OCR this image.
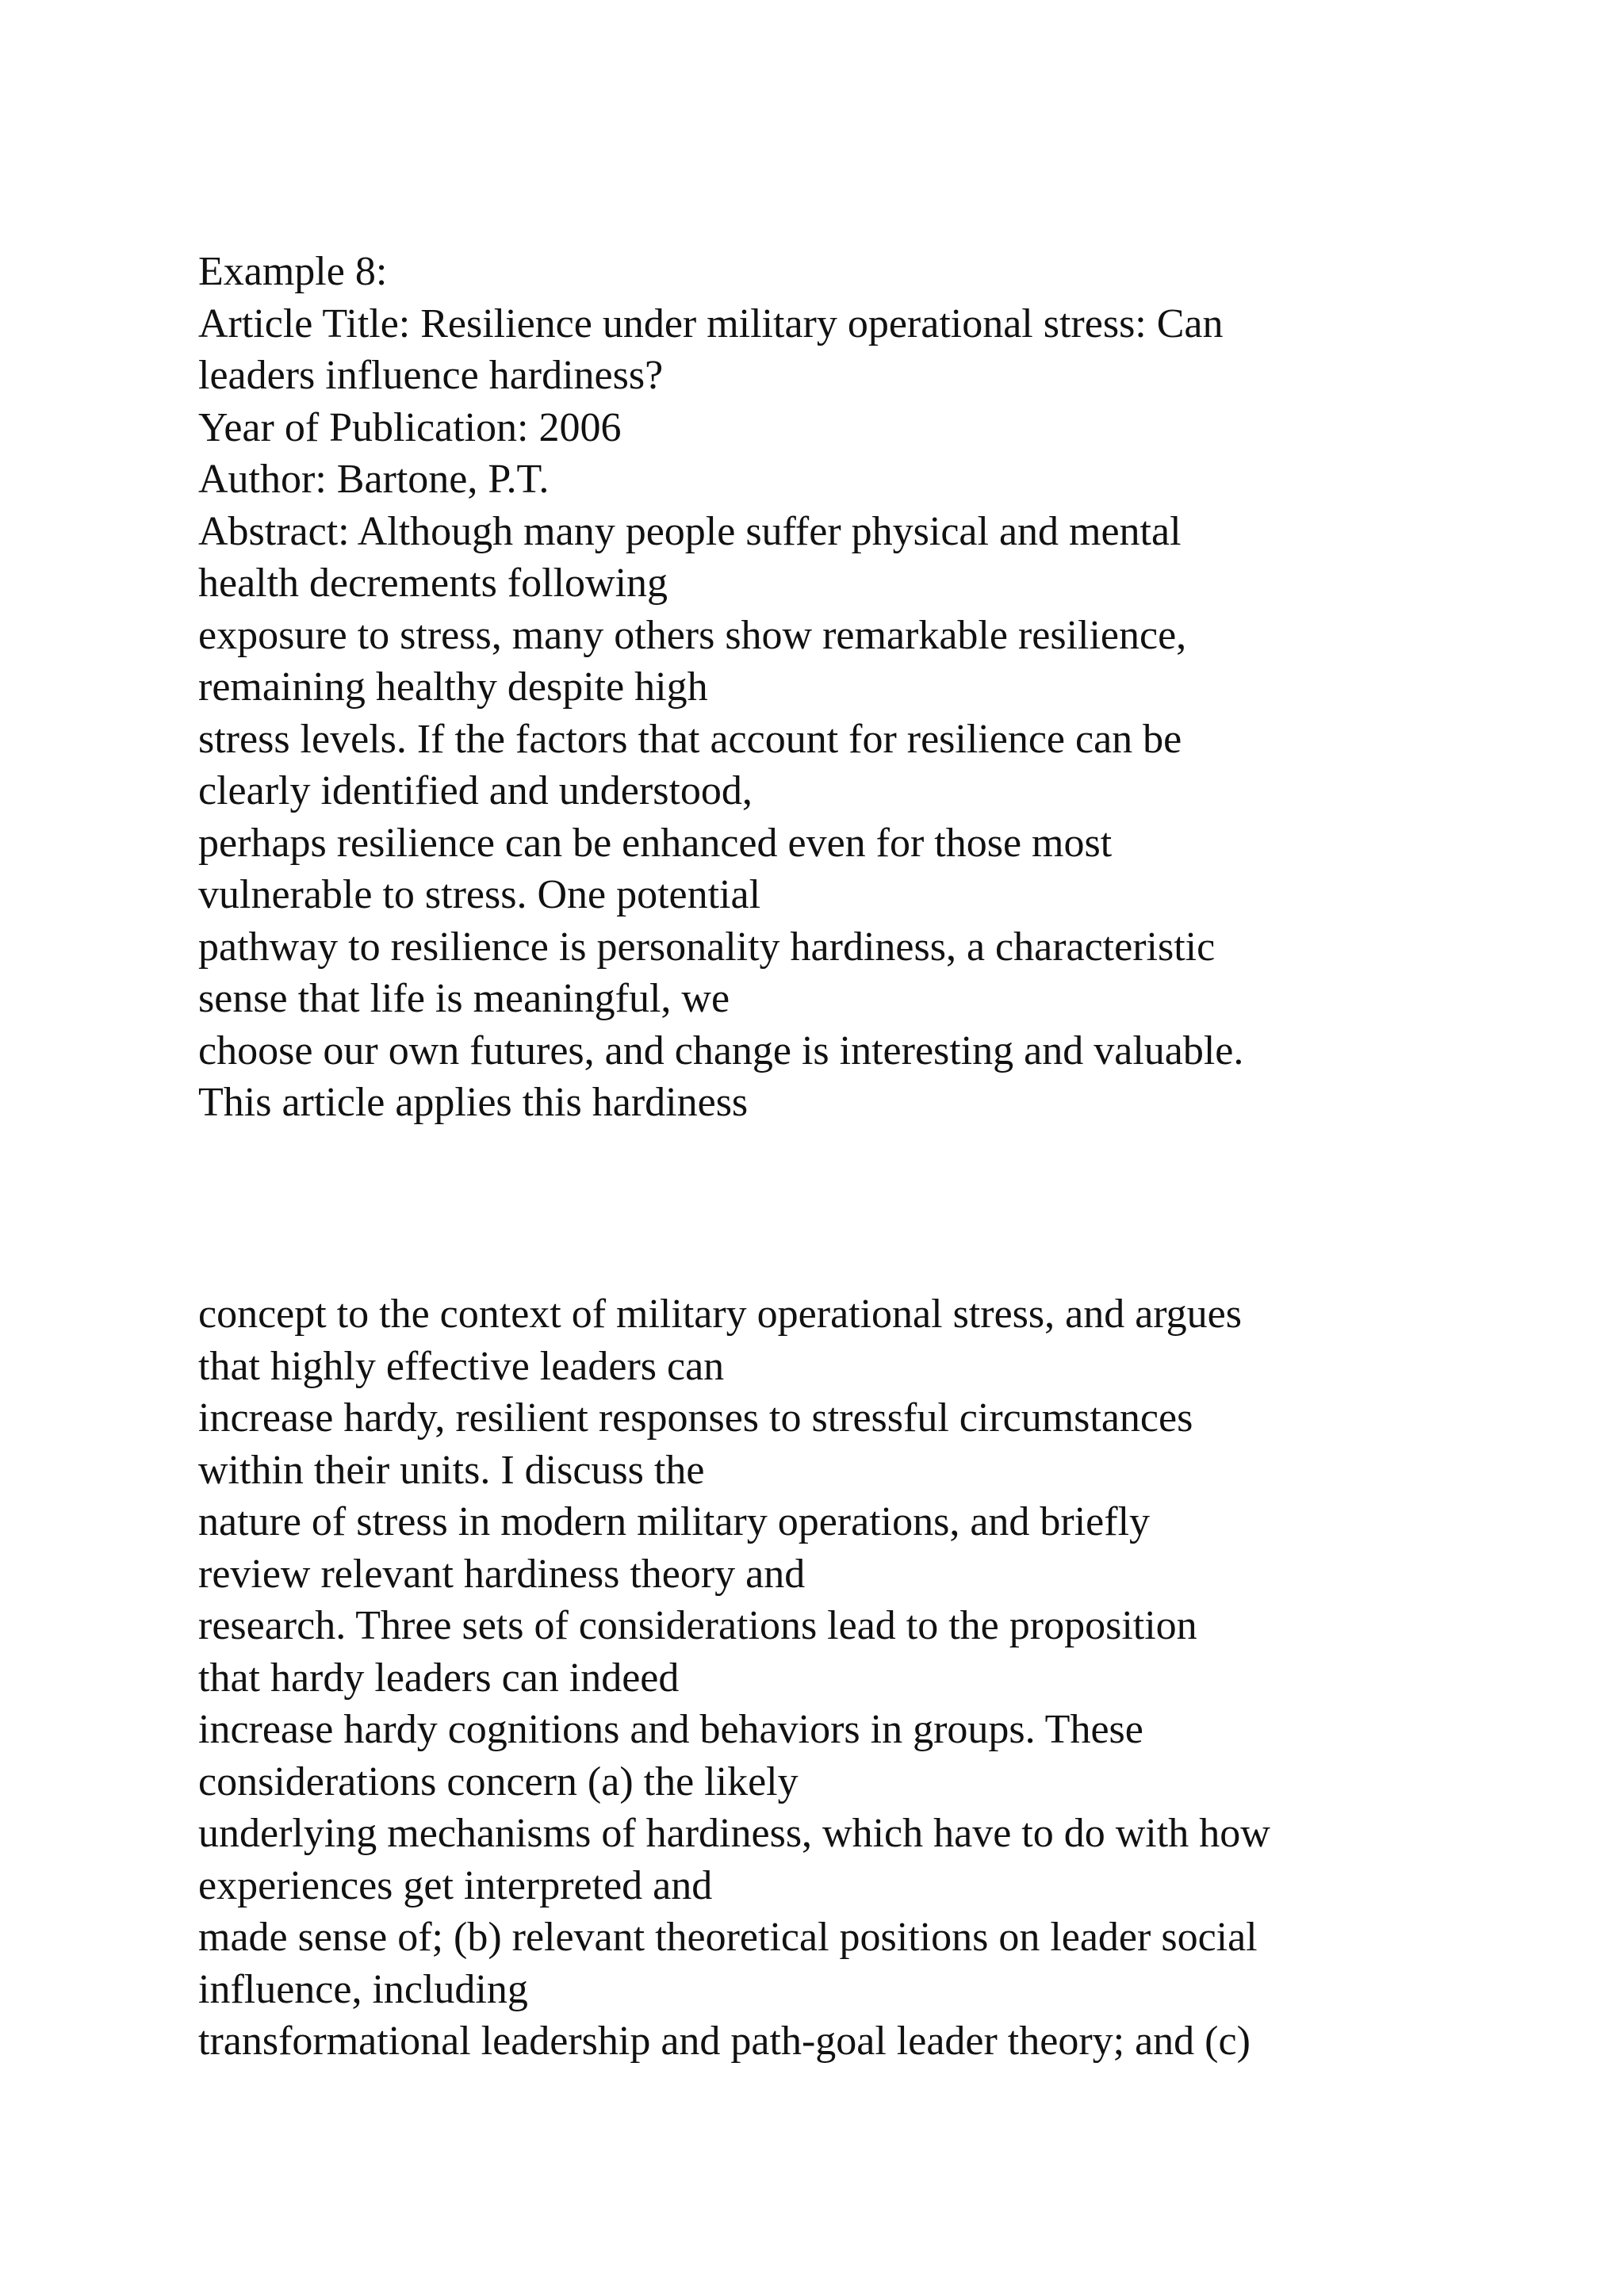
Example 8:

Article Title: Resilience under military operational stress: Can

leaders influence hardiness?

Year of Publication: 2006

Author: Bartone, P.T.

Abstract: Although many people suffer physical and mental

health decrements following

exposure to stress, many others show remarkable resilience,

remaining healthy despite high

stress levels. If the factors that account for resilience can be

clearly identified and understood,

perhaps resilience can be enhanced even for those most

vulnerable to stress. One potential

pathway to resilience is personality hardiness, a characteristic

sense that life is meaningful, we

choose our own futures, and change is interesting and valuable.

This article applies this hardiness

concept to the context of military operational stress, and argues

that highly effective leaders can

increase hardy, resilient responses to stressful circumstances

within their units. I discuss the

nature of stress in modern military operations, and briefly

review relevant hardiness theory and

research. Three sets of considerations lead to the proposition

that hardy leaders can indeed

increase hardy cognitions and behaviors in groups. These

considerations concern (a) the likely

underlying mechanisms of hardiness, which have to do with how

experiences get interpreted and

made sense of; (b) relevant theoretical positions on leader social

influence, including

transformational leadership and path-goal leader theory; and (c)
